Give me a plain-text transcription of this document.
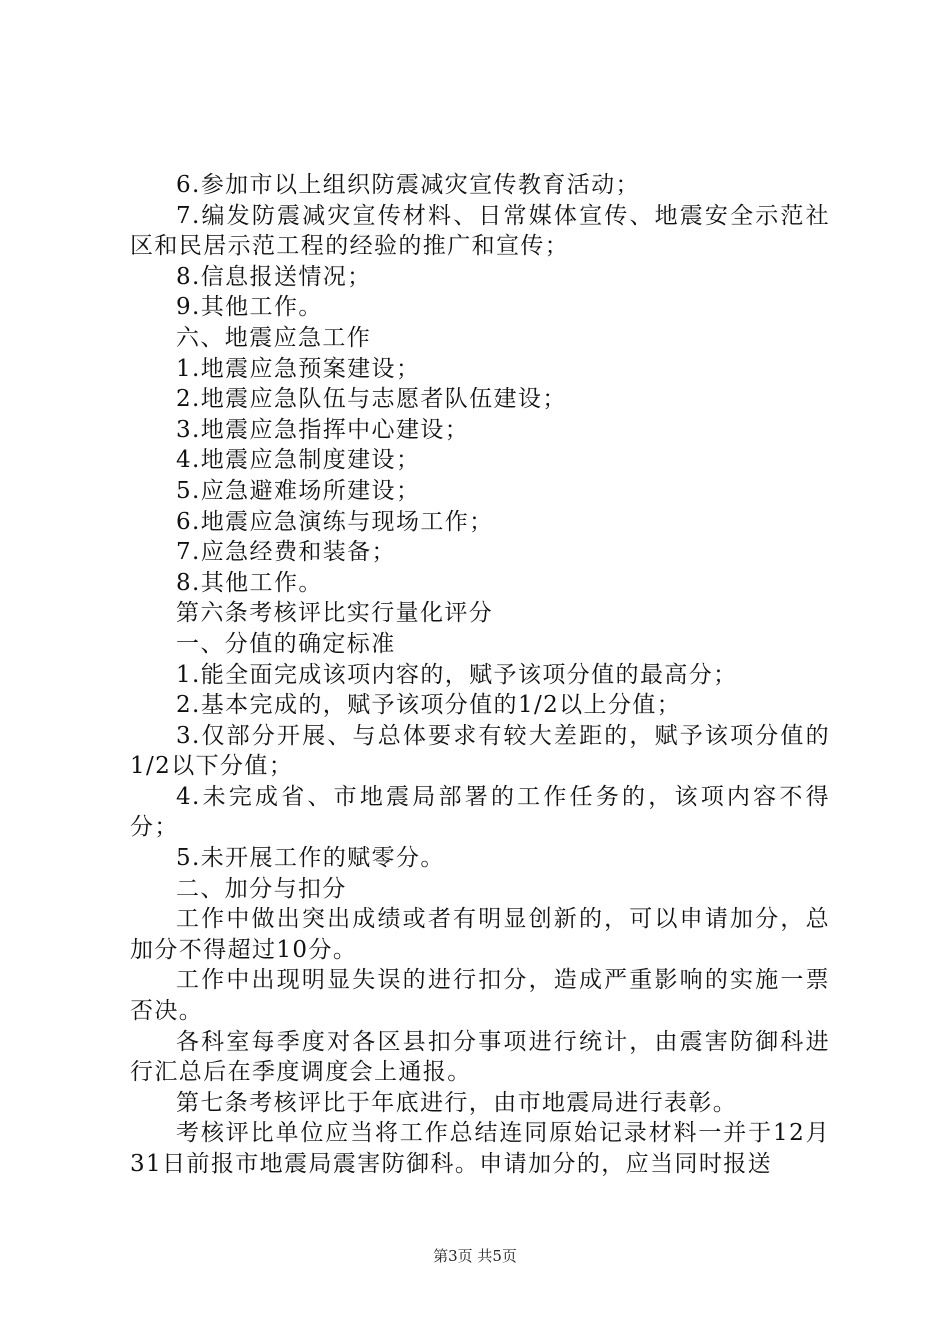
6.参加市以上组织防震减灾宣传教育活动；

7.编发防震减灾宣传材料、日常媒体宣传、地震安全示范社区和民居示范工程的经验的推广和宣传；

8.信息报送情况；

9.其他工作。

六、地震应急工作

1.地震应急预案建设；

2.地震应急队伍与志愿者队伍建设；

3.地震应急指挥中心建设；

4.地震应急制度建设；

5.应急避难场所建设；

6.地震应急演练与现场工作；

7.应急经费和装备；

8.其他工作。

第六条考核评比实行量化评分

一、分值的确定标准

1.能全面完成该项内容的，赋予该项分值的最高分；

2.基本完成的，赋予该项分值的1/2以上分值；

3.仅部分开展、与总体要求有较大差距的，赋予该项分值的1/2以下分值；

4.未完成省、市地震局部署的工作任务的，该项内容不得分；

5.未开展工作的赋零分。

二、加分与扣分

工作中做出突出成绩或者有明显创新的，可以申请加分，总加分不得超过10分。

工作中出现明显失误的进行扣分，造成严重影响的实施一票否决。

各科室每季度对各区县扣分事项进行统计，由震害防御科进行汇总后在季度调度会上通报。

第七条考核评比于年底进行，由市地震局进行表彰。

考核评比单位应当将工作总结连同原始记录材料一并于12月31日前报市地震局震害防御科。申请加分的，应当同时报送

第3页 共5页
